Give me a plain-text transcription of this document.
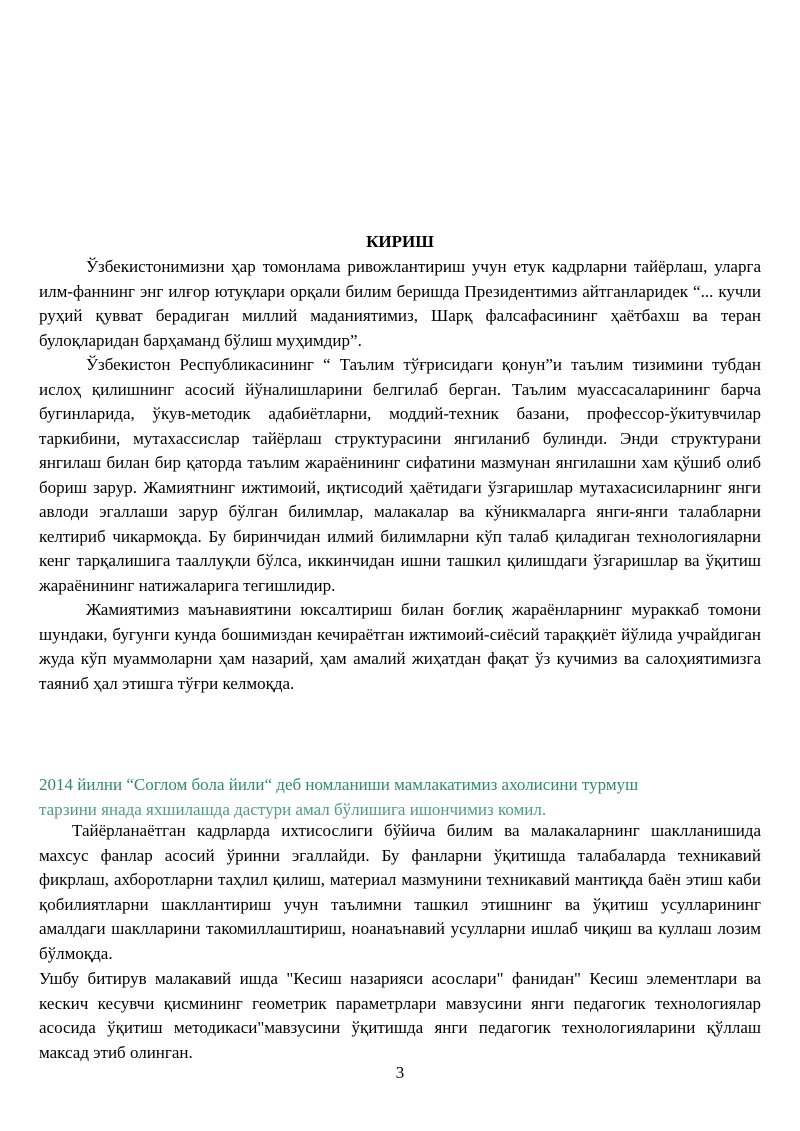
КИРИШ

Ўзбекистонимизни ҳар томонлама ривожлантириш учун етук кадрларни тайёрлаш, уларга илм-фаннинг энг илғор ютуқлари орқали билим беришда Президентимиз айтганларидек “... кучли руҳий қувват берадиган миллий маданиятимиз, Шарқ фалсафасининг ҳаётбахш ва теран булоқларидан барҳаманд бўлиш муҳимдир”.

Ўзбекистон Республикасининг “ Таълим тўғрисидаги қонун”и таълим тизимини тубдан ислоҳ қилишнинг асосий йўналишларини белгилаб берган. Таълим муассасаларининг барча бугинларида, ўкув-методик адабиётларни, моддий-техник базани, профессор-ўкитувчилар таркибини, мутахассислар тайёрлаш структурасини янгиланиб булинди. Энди структурани янгилаш билан бир қаторда таълим жараёнининг сифатини мазмунан янгилашни хам қўшиб олиб бориш зарур. Жамиятнинг ижтимоий, иқтисодий ҳаётидаги ўзгаришлар мутахасисиларнинг янги авлоди эгаллаши зарур бўлган билимлар, малакалар ва кўникмаларга янги-янги талабларни келтириб чикармоқда. Бу биринчидан илмий билимларни кўп талаб қиладиган технологияларни кенг тарқалишига тааллуқли бўлса, иккинчидан ишни ташкил қилишдаги ўзгаришлар ва ўқитиш жараёнининг натижаларига тегишлидир.

Жамиятимиз маънавиятини юксалтириш билан боғлиқ жараёнларнинг мураккаб томони шундаки, бугунги кунда бошимиздан кечираётган ижтимоий-сиёсий тараққиёт йўлида учрайдиган жуда кўп муаммоларни ҳам назарий, ҳам амалий жиҳатдан фақат ўз кучимиз ва салоҳиятимизга таяниб ҳал этишга тўғри келмоқда.

2014 йилни “Соглом бола йили“ деб номланиши мамлакатимиз ахолисини турмуш
тарзини янада яхшилашда дастури амал бўлишига ишончимиз комил.

Тайёрланаётган кадрларда ихтисослиги бўйича билим ва малакаларнинг шаклланишида махсус фанлар асосий ўринни эгаллайди. Бу фанларни ўқитишда талабаларда техникавий фикрлаш, ахборотларни таҳлил қилиш, материал мазмунини техникавий мантиқда баён этиш каби қобилиятларни шакллантириш учун таълимни ташкил этишнинг ва ўқитиш усулларининг амалдаги шаклларини такомиллаштириш, ноанаънавий усулларни ишлаб чиқиш ва куллаш лозим бўлмоқда.

Ушбу битирув малакавий ишда "Кесиш назарияси асослари" фанидан" Кесиш элементлари ва кескич кесувчи қисмининг геометрик параметрлари мавзусини янги педагогик технологиялар асосида ўқитиш методикаси"мавзусини ўқитишда янги педагогик технологияларини қўллаш максад этиб олинган.

3
